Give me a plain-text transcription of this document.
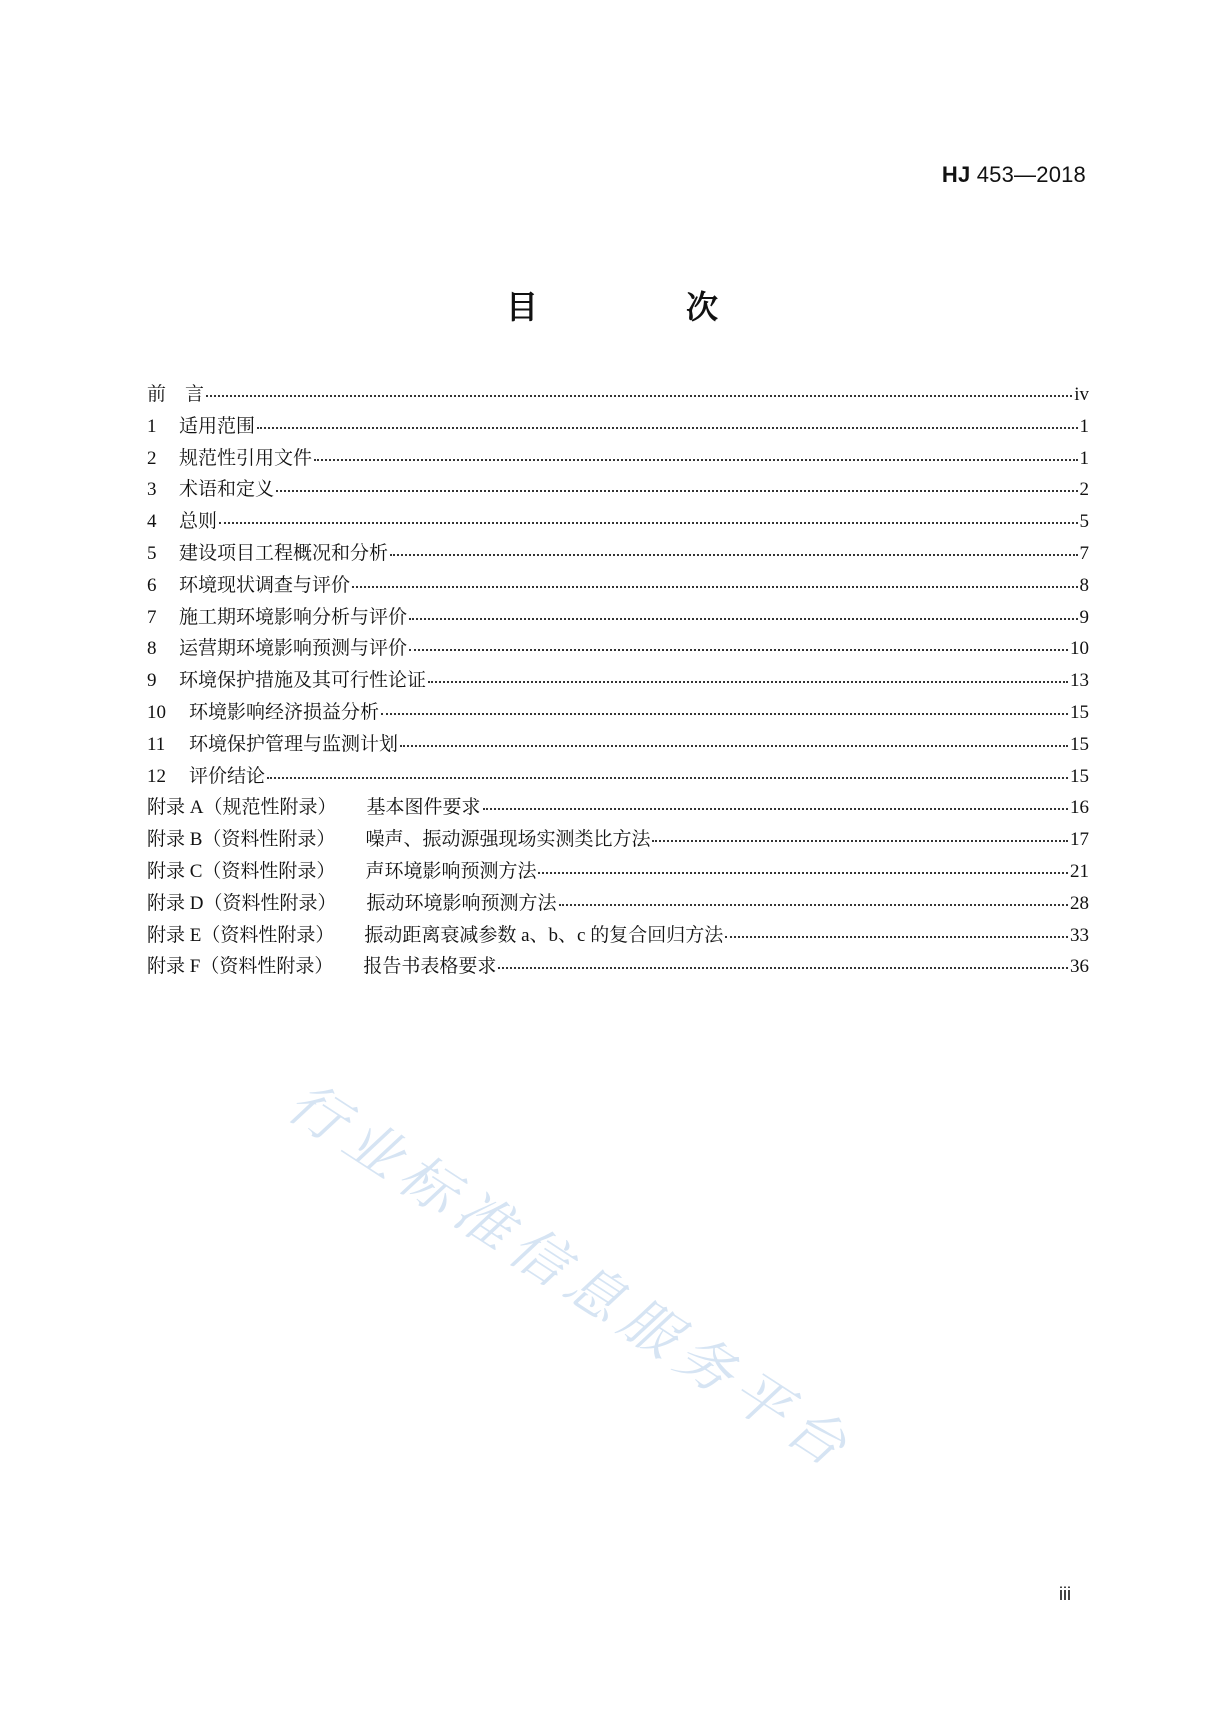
HJ 453—2018
目　次
前　言	iv
1	适用范围	1
2	规范性引用文件	1
3	术语和定义	2
4	总则	5
5	建设项目工程概况和分析	7
6	环境现状调查与评价	8
7	施工期环境影响分析与评价	9
8	运营期环境影响预测与评价	10
9	环境保护措施及其可行性论证	13
10	环境影响经济损益分析	15
11	环境保护管理与监测计划	15
12	评价结论	15
附录 A（规范性附录） 基本图件要求	16
附录 B（资料性附录） 噪声、振动源强现场实测类比方法	17
附录 C（资料性附录） 声环境影响预测方法	21
附录 D（资料性附录） 振动环境影响预测方法	28
附录 E（资料性附录） 振动距离衰减参数 a、b、c 的复合回归方法	33
附录 F（资料性附录） 报告书表格要求	36
行业标准信息服务平台
iii
